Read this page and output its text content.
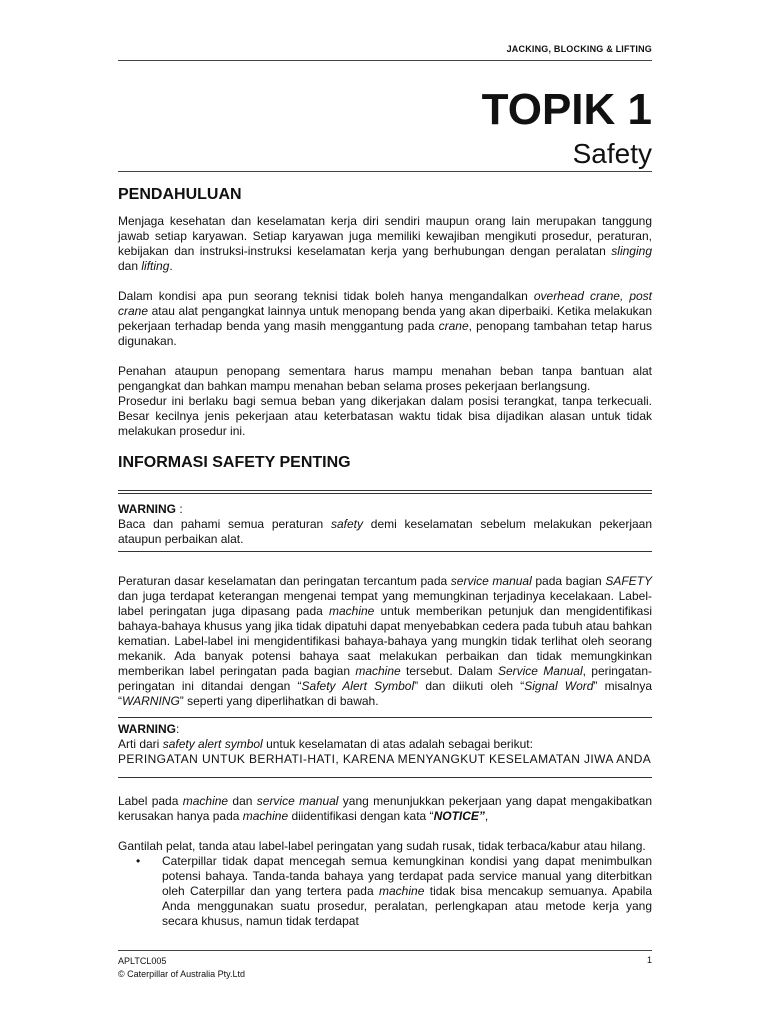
JACKING, BLOCKING & LIFTING
TOPIK 1
Safety
PENDAHULUAN

Menjaga kesehatan dan keselamatan kerja diri sendiri maupun orang lain merupakan tanggung jawab setiap karyawan. Setiap karyawan juga memiliki kewajiban mengikuti prosedur, peraturan, kebijakan dan instruksi-instruksi keselamatan kerja yang berhubungan dengan peralatan slinging dan lifting.

Dalam kondisi apa pun seorang teknisi tidak boleh hanya mengandalkan overhead crane, post crane atau alat pengangkat lainnya untuk menopang benda yang akan diperbaiki. Ketika melakukan pekerjaan terhadap benda yang masih menggantung pada crane, penopang tambahan tetap harus digunakan.

Penahan ataupun penopang sementara harus mampu menahan beban tanpa bantuan alat pengangkat dan bahkan mampu menahan beban selama proses pekerjaan berlangsung.

Prosedur ini berlaku bagi semua beban yang dikerjakan dalam posisi terangkat, tanpa terkecuali. Besar kecilnya jenis pekerjaan atau keterbatasan waktu tidak bisa dijadikan alasan untuk tidak melakukan prosedur ini.

INFORMASI SAFETY PENTING

WARNING :
Baca dan pahami semua peraturan safety demi keselamatan sebelum melakukan pekerjaan ataupun perbaikan alat.

Peraturan dasar keselamatan dan peringatan tercantum pada service manual pada bagian SAFETY dan juga terdapat keterangan mengenai tempat yang memungkinan terjadinya kecelakaan. Label-label peringatan juga dipasang pada machine untuk memberikan petunjuk dan mengidentifikasi bahaya-bahaya khusus yang jika tidak dipatuhi dapat menyebabkan cedera pada tubuh atau bahkan kematian. Label-label ini mengidentifikasi bahaya-bahaya yang mungkin tidak terlihat oleh seorang mekanik. Ada banyak potensi bahaya saat melakukan perbaikan dan tidak memungkinkan memberikan label peringatan pada bagian machine tersebut. Dalam Service Manual, peringatan-peringatan ini ditandai dengan “Safety Alert Symbol” dan diikuti oleh “Signal Word” misalnya “WARNING” seperti yang diperlihatkan di bawah.

WARNING:
Arti dari safety alert symbol untuk keselamatan di atas adalah sebagai berikut:

PERINGATAN UNTUK BERHATI-HATI, KARENA MENYANGKUT KESELAMATAN JIWA ANDA

Label pada machine dan service manual yang menunjukkan pekerjaan yang dapat mengakibatkan kerusakan hanya pada machine diidentifikasi dengan kata “NOTICE”,

Gantilah pelat, tanda atau label-label peringatan yang sudah rusak, tidak terbaca/kabur atau hilang.

• Caterpillar tidak dapat mencegah semua kemungkinan kondisi yang dapat menimbulkan potensi bahaya. Tanda-tanda bahaya yang terdapat pada service manual yang diterbitkan oleh Caterpillar dan yang tertera pada machine tidak bisa mencakup semuanya. Apabila Anda menggunakan suatu prosedur, peralatan, perlengkapan atau metode kerja yang secara khusus, namun tidak terdapat
APLTCL005
© Caterpillar of Australia Pty.Ltd
1
